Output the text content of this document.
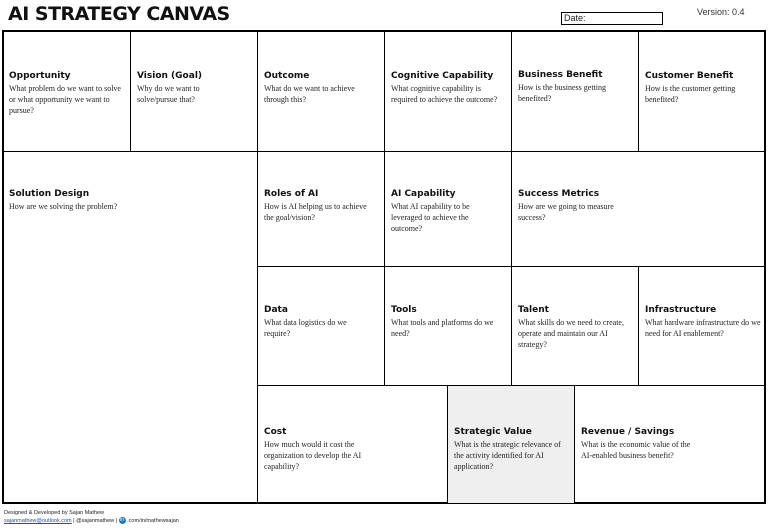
AI STRATEGY CANVAS	Date:
Version: 0.4
Opportunity

What problem do we want to solve or what opportunity we want to pursue?

Vision (Goal)

Why do we want to solve/pursue that?

Outcome

What do we want to achieve through this?

Cognitive Capability

What cognitive capability is required to achieve the outcome?

Business Benefit

How is the business getting benefited?

Customer Benefit

How is the customer getting benefited?

Solution Design

How are we solving the problem?

Roles of AI

How is AI helping us to achieve the goal/vision?

AI Capability

What AI capability to be leveraged to achieve the outcome?

Success Metrics

How are we going to measure success?

Data

What data logistics do we require?

Tools

What tools and platforms do we need?

Talent

What skills do we need to create, operate and maintain our AI strategy?

Infrastructure

What hardware infrastructure do we need for AI enablement?

Cost

How much would it cost the organization to develop the AI capability?

Strategic Value

What is the strategic relevance of the activity identified for AI application?

Revenue / Savings

What is the economic value of the AI-enabled business benefit?

Designed & Developed by Sajan Mathew
sajanmathew@outlook.com | @sajanmathew | in .com/in/mathewsajan
